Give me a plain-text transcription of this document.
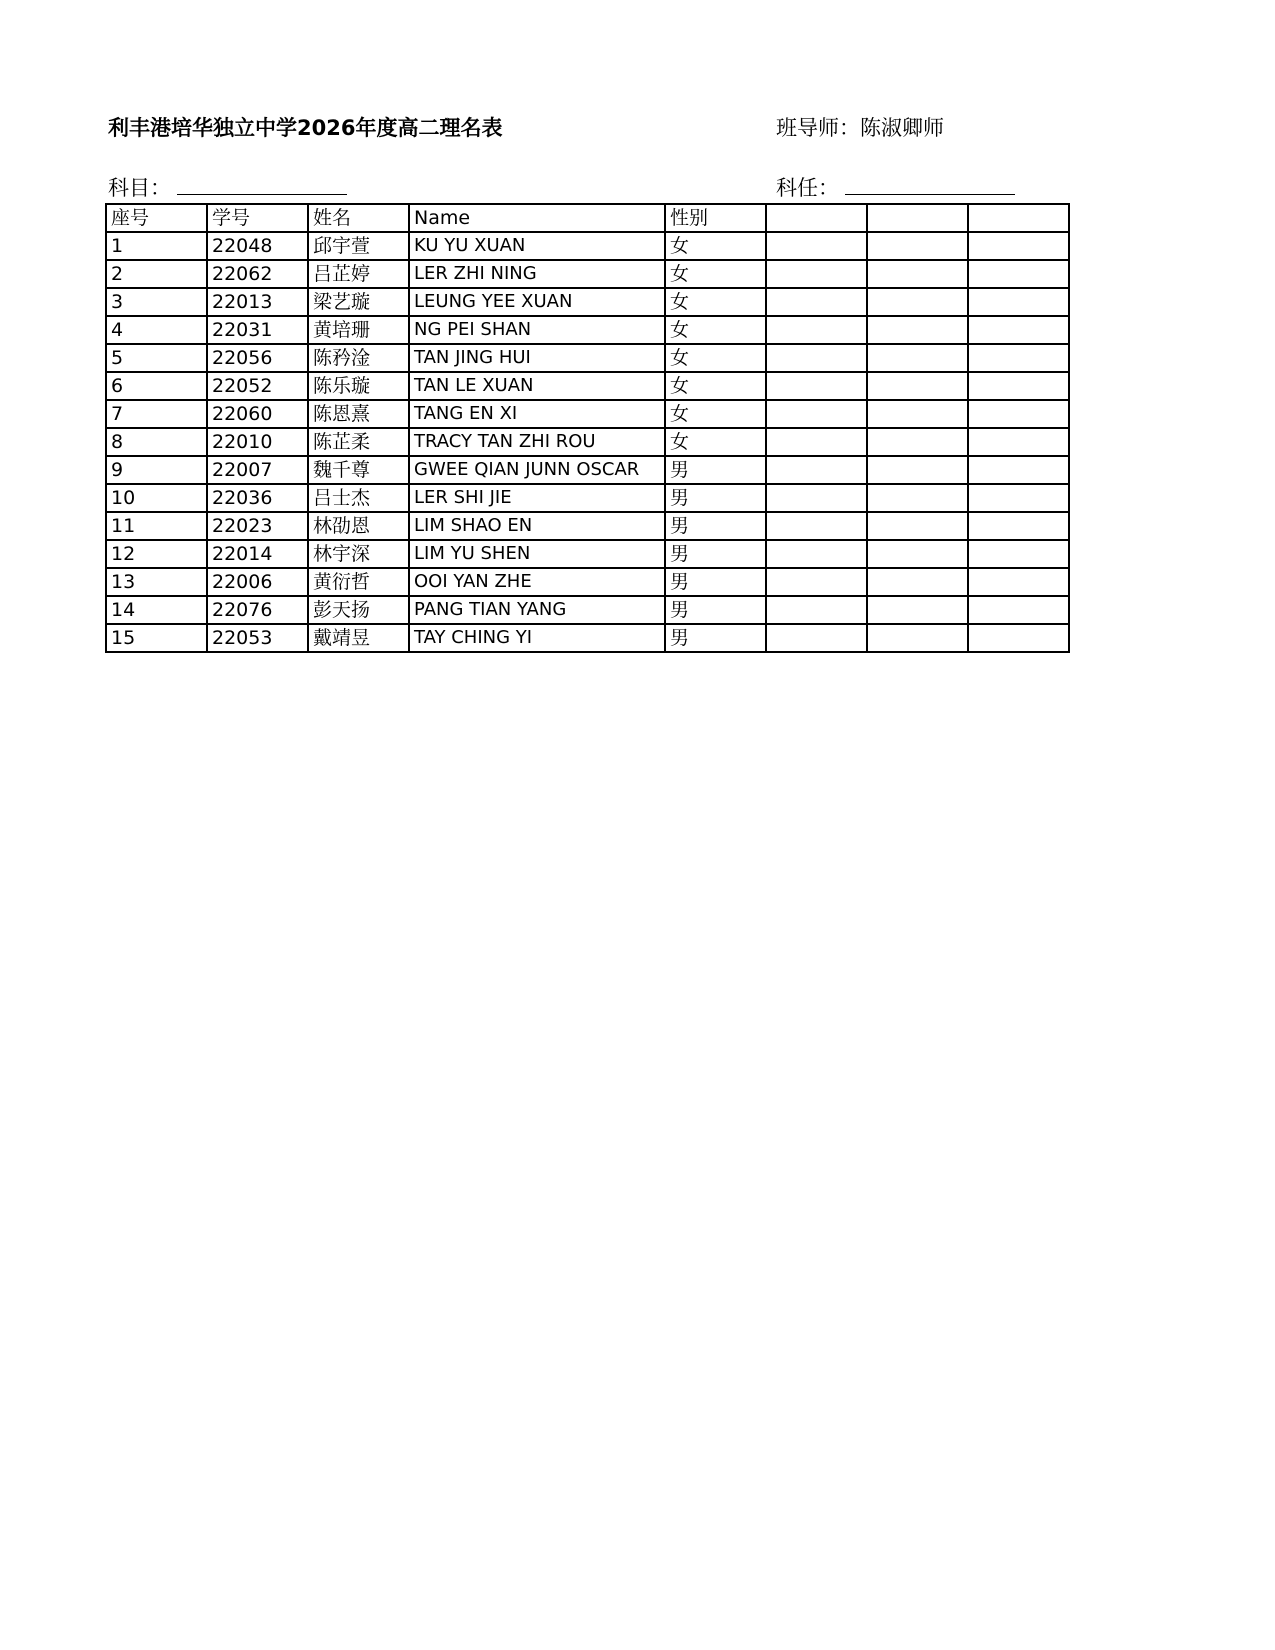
利丰港培华独立中学2026年度高二理名表	班导师：陈淑卿师
科目：	科任：
座号	学号	姓名	Name	性别			
1	22048	邱宇萱	KU YU XUAN	女			
2	22062	吕芷婷	LER ZHI NING	女			
3	22013	梁艺璇	LEUNG YEE XUAN	女			
4	22031	黄培珊	NG PEI SHAN	女			
5	22056	陈矜淦	TAN JING HUI	女			
6	22052	陈乐璇	TAN LE XUAN	女			
7	22060	陈恩熹	TANG EN XI	女			
8	22010	陈芷柔	TRACY TAN ZHI ROU	女			
9	22007	魏千尊	GWEE QIAN JUNN OSCAR	男			
10	22036	吕士杰	LER SHI JIE	男			
11	22023	林劭恩	LIM SHAO EN	男			
12	22014	林宇深	LIM YU SHEN	男			
13	22006	黄衍哲	OOI YAN ZHE	男			
14	22076	彭天扬	PANG TIAN YANG	男			
15	22053	戴靖昱	TAY CHING YI	男			
